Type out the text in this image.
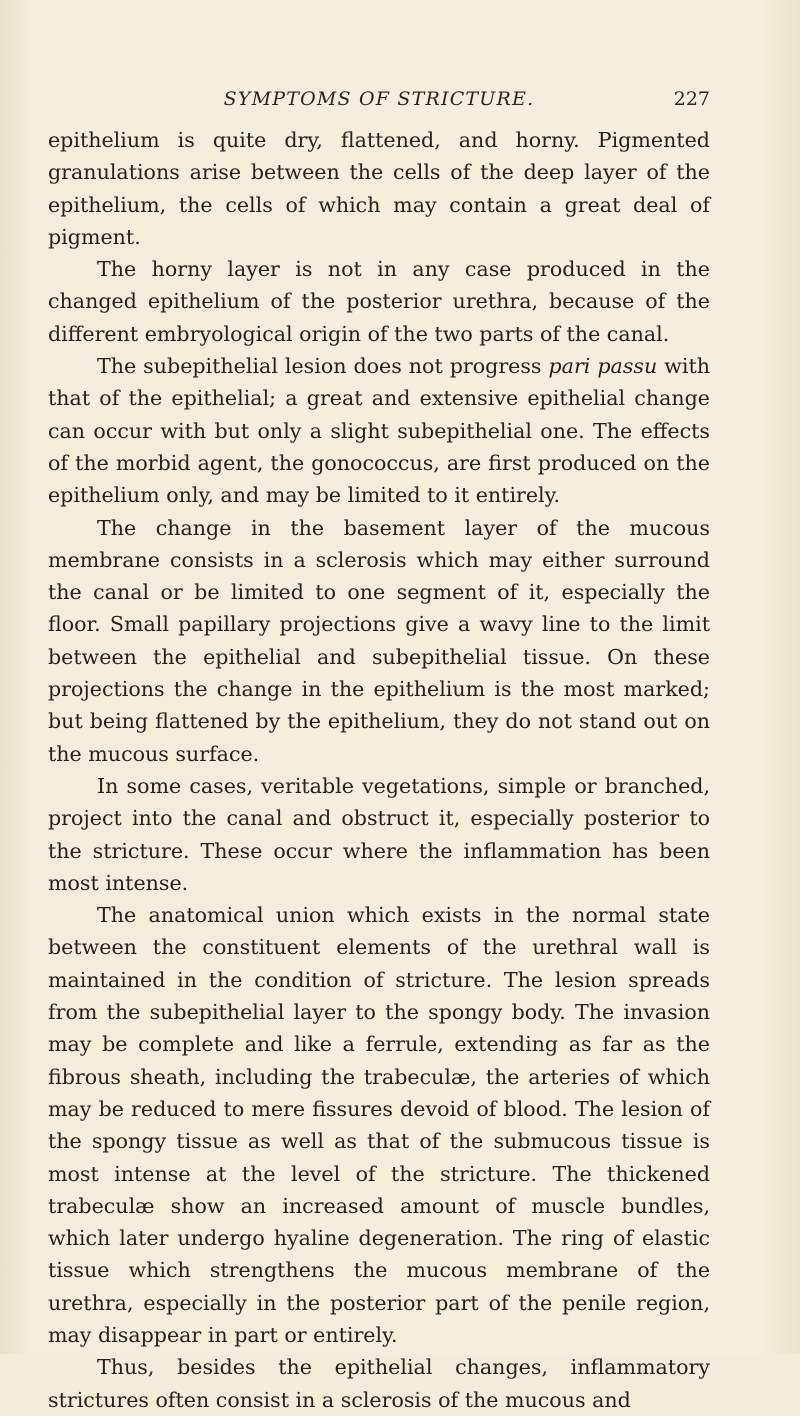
SYMPTOMS OF STRICTURE.	227

epithelium is quite dry, flattened, and horny. Pigmented granulations arise between the cells of the deep layer of the epithelium, the cells of which may contain a great deal of pigment.

The horny layer is not in any case produced in the changed epithelium of the posterior urethra, because of the different embryological origin of the two parts of the canal.

The subepithelial lesion does not progress pari passu with that of the epithelial; a great and extensive epithelial change can occur with but only a slight subepithelial one. The effects of the morbid agent, the gonococcus, are first produced on the epithelium only, and may be limited to it entirely.

The change in the basement layer of the mucous membrane consists in a sclerosis which may either surround the canal or be limited to one segment of it, especially the floor. Small papillary projections give a wavy line to the limit between the epithelial and subepithelial tissue. On these projections the change in the epithelium is the most marked; but being flattened by the epithelium, they do not stand out on the mucous surface.

In some cases, veritable vegetations, simple or branched, project into the canal and obstruct it, especially posterior to the stricture. These occur where the inflammation has been most intense.

The anatomical union which exists in the normal state between the constituent elements of the urethral wall is maintained in the condition of stricture. The lesion spreads from the subepithelial layer to the spongy body. The invasion may be complete and like a ferrule, extending as far as the fibrous sheath, including the trabeculæ, the arteries of which may be reduced to mere fissures devoid of blood. The lesion of the spongy tissue as well as that of the submucous tissue is most intense at the level of the stricture. The thickened trabeculæ show an increased amount of muscle bundles, which later undergo hyaline degeneration. The ring of elastic tissue which strengthens the mucous membrane of the urethra, especially in the posterior part of the penile region, may disappear in part or entirely.

Thus, besides the epithelial changes, inflammatory strictures often consist in a sclerosis of the mucous and
